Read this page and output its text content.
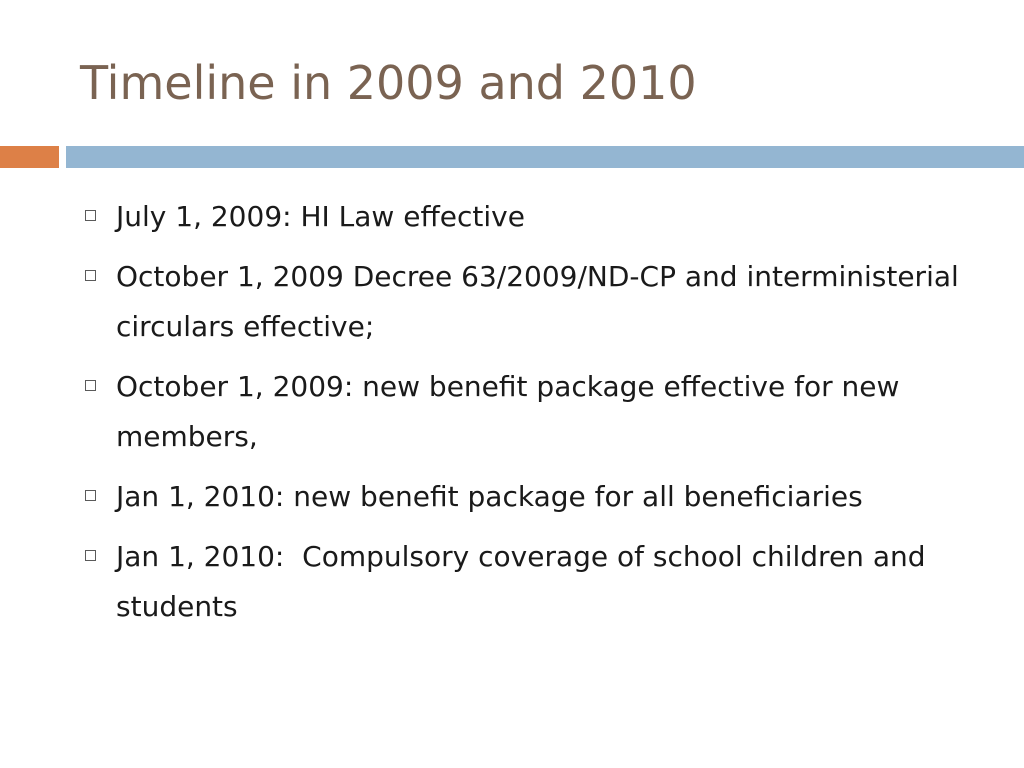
Timeline in 2009 and 2010
July 1, 2009: HI Law effective
October 1, 2009 Decree 63/2009/ND-CP and interministerial circulars effective;
October 1, 2009: new benefit package effective for new members,
Jan 1, 2010: new benefit package for all beneficiaries
Jan 1, 2010:  Compulsory coverage of school children and students
